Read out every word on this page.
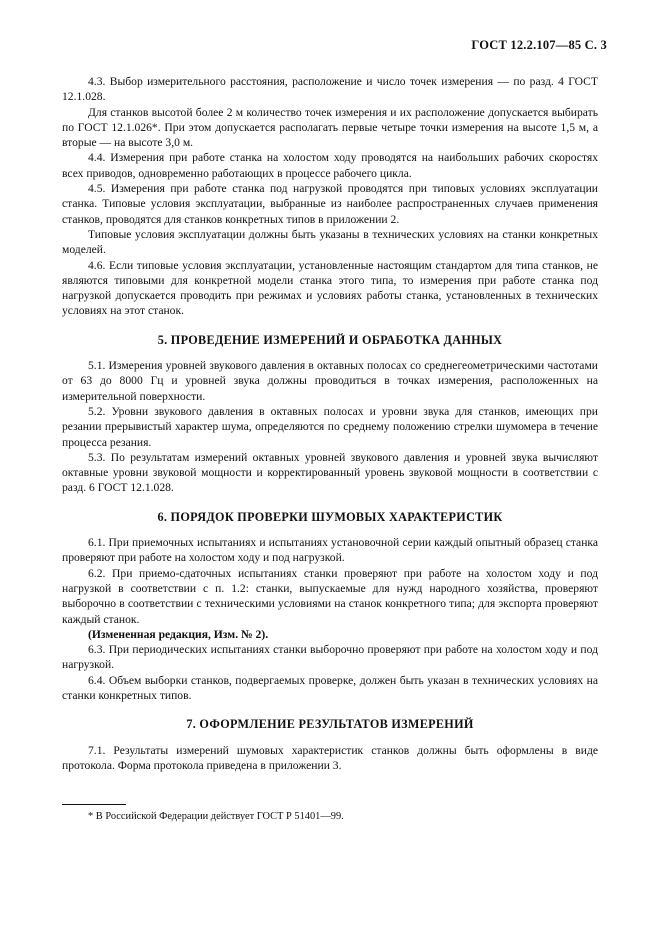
ГОСТ 12.2.107—85 С. 3

4.3. Выбор измерительного расстояния, расположение и число точек измерения — по разд. 4 ГОСТ 12.1.028.

Для станков высотой более 2 м количество точек измерения и их расположение допускается выбирать по ГОСТ 12.1.026*. При этом допускается располагать первые четыре точки измерения на высоте 1,5 м, а вторые — на высоте 3,0 м.

4.4. Измерения при работе станка на холостом ходу проводятся на наибольших рабочих скоростях всех приводов, одновременно работающих в процессе рабочего цикла.

4.5. Измерения при работе станка под нагрузкой проводятся при типовых условиях эксплуатации станка. Типовые условия эксплуатации, выбранные из наиболее распространенных случаев применения станков, проводятся для станков конкретных типов в приложении 2.

Типовые условия эксплуатации должны быть указаны в технических условиях на станки конкретных моделей.

4.6. Если типовые условия эксплуатации, установленные настоящим стандартом для типа станков, не являются типовыми для конкретной модели станка этого типа, то измерения при работе станка под нагрузкой допускается проводить при режимах и условиях работы станка, установленных в технических условиях на этот станок.

5. ПРОВЕДЕНИЕ ИЗМЕРЕНИЙ И ОБРАБОТКА ДАННЫХ

5.1. Измерения уровней звукового давления в октавных полосах со среднегеометрическими частотами от 63 до 8000 Гц и уровней звука должны проводиться в точках измерения, расположенных на измерительной поверхности.

5.2. Уровни звукового давления в октавных полосах и уровни звука для станков, имеющих при резании прерывистый характер шума, определяются по среднему положению стрелки шумомера в течение процесса резания.

5.3. По результатам измерений октавных уровней звукового давления и уровней звука вычисляют октавные уровни звуковой мощности и корректированный уровень звуковой мощности в соответствии с разд. 6 ГОСТ 12.1.028.

6. ПОРЯДОК ПРОВЕРКИ ШУМОВЫХ ХАРАКТЕРИСТИК

6.1. При приемочных испытаниях и испытаниях установочной серии каждый опытный образец станка проверяют при работе на холостом ходу и под нагрузкой.

6.2. При приемо-сдаточных испытаниях станки проверяют при работе на холостом ходу и под нагрузкой в соответствии с п. 1.2: станки, выпускаемые для нужд народного хозяйства, проверяют выборочно в соответствии с техническими условиями на станок конкретного типа; для экспорта проверяют каждый станок.

(Измененная редакция, Изм. № 2).

6.3. При периодических испытаниях станки выборочно проверяют при работе на холостом ходу и под нагрузкой.

6.4. Объем выборки станков, подвергаемых проверке, должен быть указан в технических условиях на станки конкретных типов.

7. ОФОРМЛЕНИЕ РЕЗУЛЬТАТОВ ИЗМЕРЕНИЙ

7.1. Результаты измерений шумовых характеристик станков должны быть оформлены в виде протокола. Форма протокола приведена в приложении 3.

* В Российской Федерации действует ГОСТ Р 51401—99.
